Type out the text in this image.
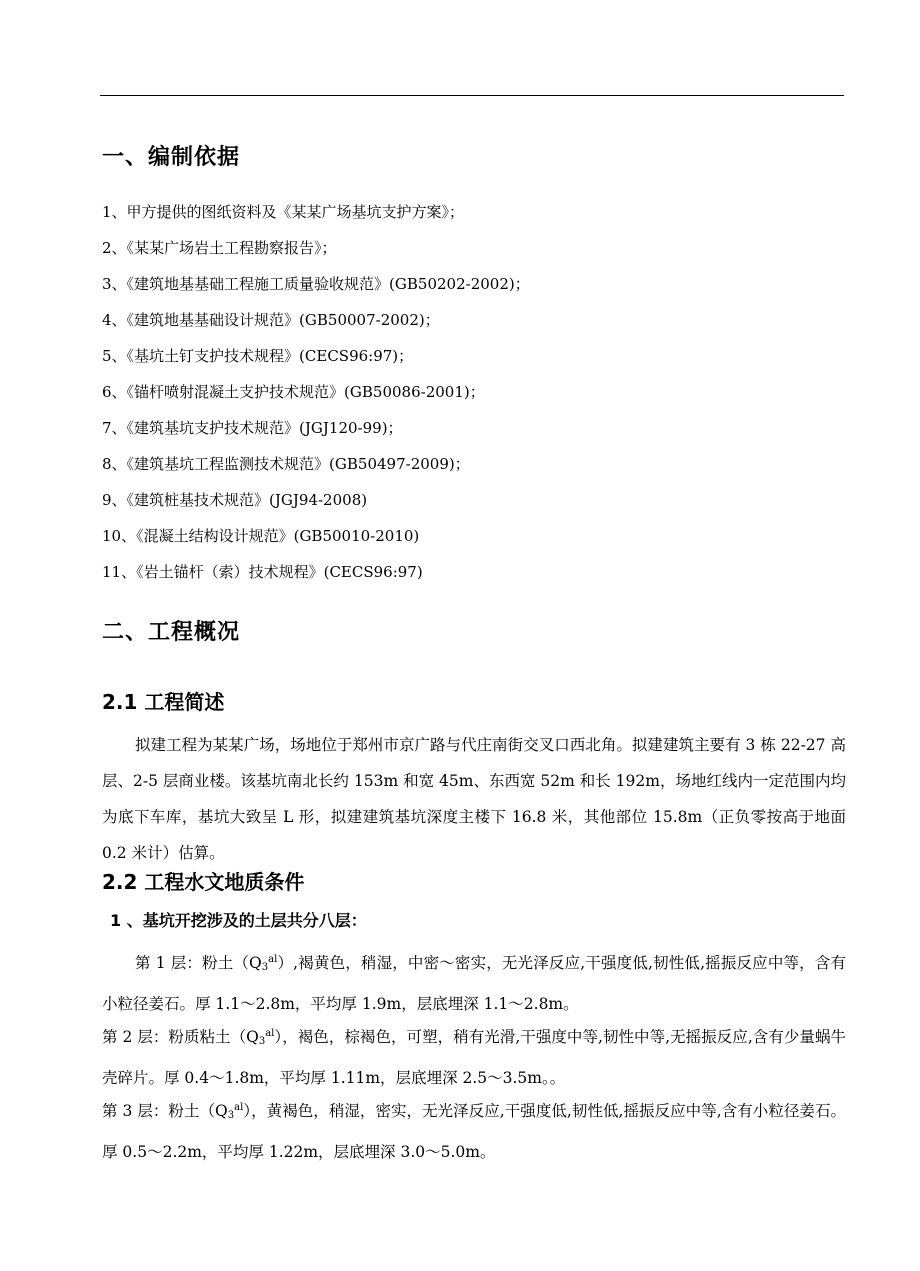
一、编制依据
1、甲方提供的图纸资料及《某某广场基坑支护方案》；
2、《某某广场岩土工程勘察报告》；
3、《建筑地基基础工程施工质量验收规范》(GB50202-2002)；
4、《建筑地基基础设计规范》(GB50007-2002)；
5、《基坑土钉支护技术规程》(CECS96:97)；
6、《锚杆喷射混凝土支护技术规范》(GB50086-2001)；
7、《建筑基坑支护技术规范》(JGJ120-99)；
8、《建筑基坑工程监测技术规范》(GB50497-2009)；
9、《建筑桩基技术规范》(JGJ94-2008)
10、《混凝土结构设计规范》(GB50010-2010)
11、《岩土锚杆（索）技术规程》(CECS96:97)
二、工程概况
2.1 工程简述

拟建工程为某某广场，场地位于郑州市京广路与代庄南街交叉口西北角。拟建建筑主要有 3 栋 22-27 高层、2-5 层商业楼。该基坑南北长约 153m 和宽 45m、东西宽 52m 和长 192m，场地红线内一定范围内均为底下车库，基坑大致呈 L 形，拟建建筑基坑深度主楼下 16.8 米，其他部位 15.8m（正负零按高于地面 0.2 米计）估算。

2.2 工程水文地质条件
1 、基坑开挖涉及的土层共分八层：

第 1 层：粉土$(Q_3^{al})$,褐黄色，稍湿，中密～密实，无光泽反应,干强度低,韧性低,摇振反应中等，含有小粒径姜石。厚 1.1～2.8m，平均厚 1.9m，层底埋深 1.1～2.8m。

第 2 层：粉质粘土$(Q_3^{al})$，褐色，棕褐色，可塑，稍有光滑,干强度中等,韧性中等,无摇振反应,含有少量蜗牛壳碎片。厚 0.4～1.8m，平均厚 1.11m，层底埋深 2.5～3.5m。。

第 3 层：粉土$(Q_3^{al})$，黄褐色，稍湿，密实，无光泽反应,干强度低,韧性低,摇振反应中等,含有小粒径姜石。厚 0.5～2.2m，平均厚 1.22m，层底埋深 3.0～5.0m。
